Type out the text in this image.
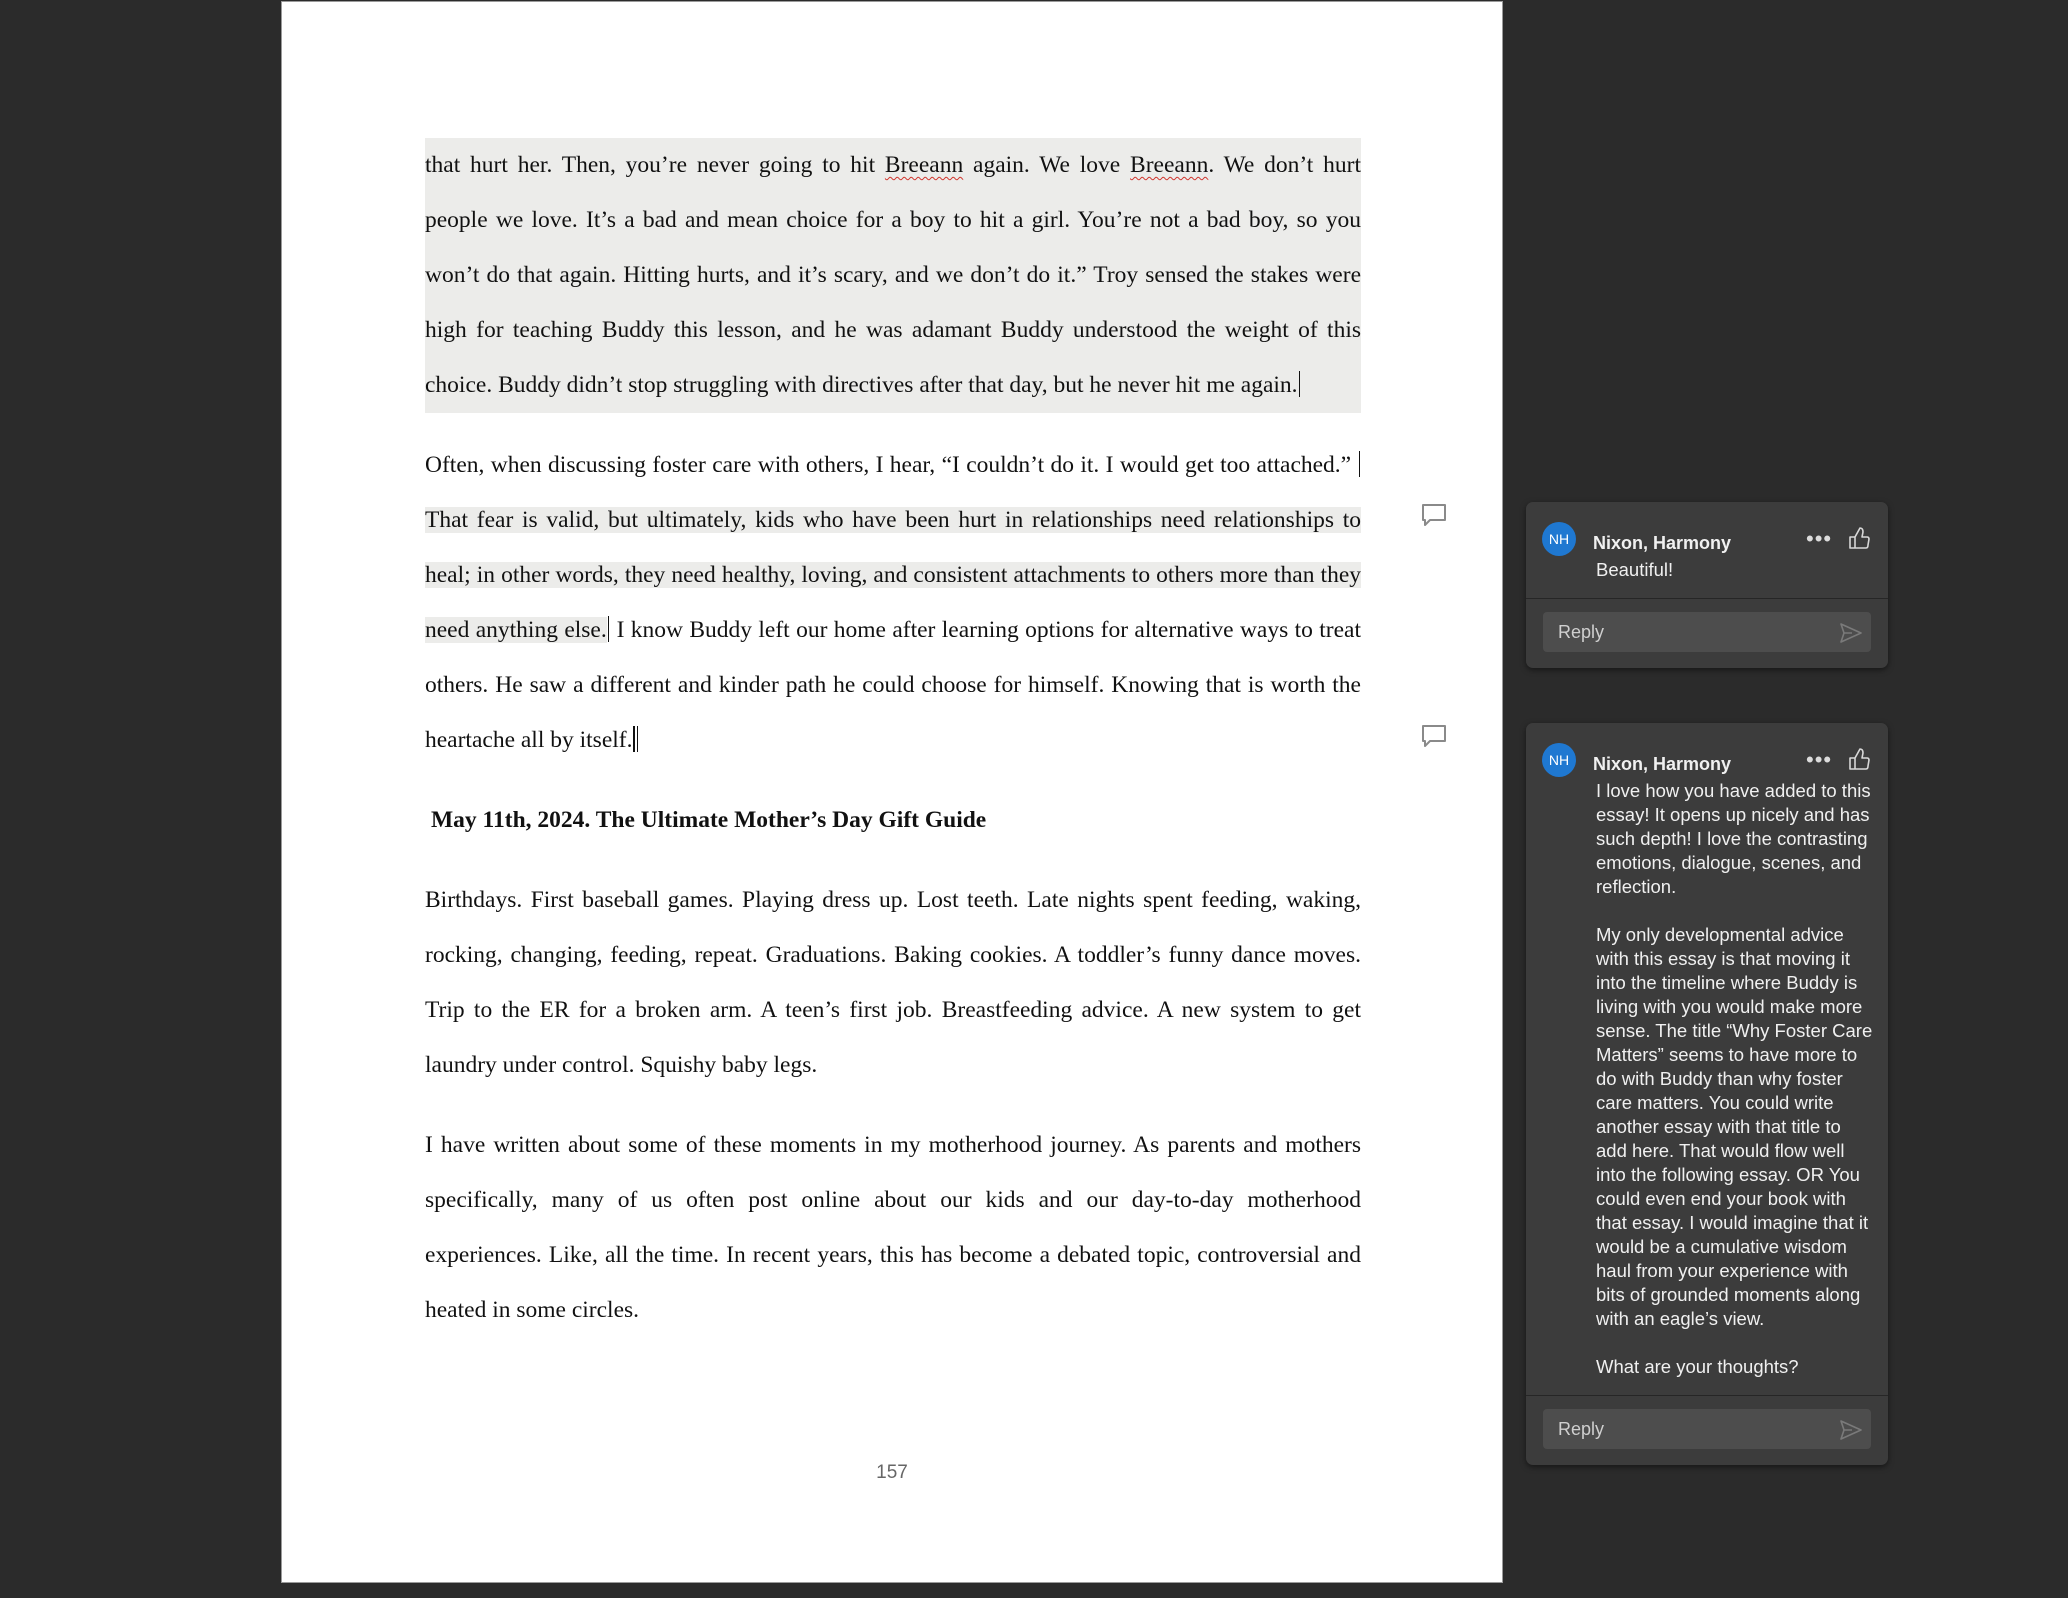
that hurt her. Then, you’re never going to hit Breeann again. We love Breeann. We don’t hurt people we love. It’s a bad and mean choice for a boy to hit a girl. You’re not a bad boy, so you won’t do that again. Hitting hurts, and it’s scary, and we don’t do it.” Troy sensed the stakes were high for teaching Buddy this lesson, and he was adamant Buddy understood the weight of this choice. Buddy didn’t stop struggling with directives after that day, but he never hit me again.

Often, when discussing foster care with others, I hear, “I couldn’t do it. I would get too attached.” That fear is valid, but ultimately, kids who have been hurt in relationships need relationships to heal; in other words, they need healthy, loving, and consistent attachments to others more than they need anything else. I know Buddy left our home after learning options for alternative ways to treat others. He saw a different and kinder path he could choose for himself. Knowing that is worth the heartache all by itself.

May 11th, 2024. The Ultimate Mother’s Day Gift Guide

Birthdays. First baseball games. Playing dress up. Lost teeth. Late nights spent feeding, waking, rocking, changing, feeding, repeat. Graduations. Baking cookies. A toddler’s funny dance moves. Trip to the ER for a broken arm. A teen’s first job. Breastfeeding advice. A new system to get laundry under control. Squishy baby legs.

I have written about some of these moments in my motherhood journey. As parents and mothers specifically, many of us often post online about our kids and our day-to-day motherhood experiences. Like, all the time. In recent years, this has become a debated topic, controversial and heated in some circles.

157
NH	Nixon, Harmony	•••

Beautiful!

Reply
NH	Nixon, Harmony	•••

I love how you have added to this essay! It opens up nicely and has such depth! I love the contrasting emotions, dialogue, scenes, and reflection.

My only developmental advice with this essay is that moving it into the timeline where Buddy is living with you would make more sense. The title “Why Foster Care Matters” seems to have more to do with Buddy than why foster care matters. You could write another essay with that title to add here. That would flow well into the following essay. OR You could even end your book with that essay. I would imagine that it would be a cumulative wisdom haul from your experience with bits of grounded moments along with an eagle’s view.

What are your thoughts?

Reply
